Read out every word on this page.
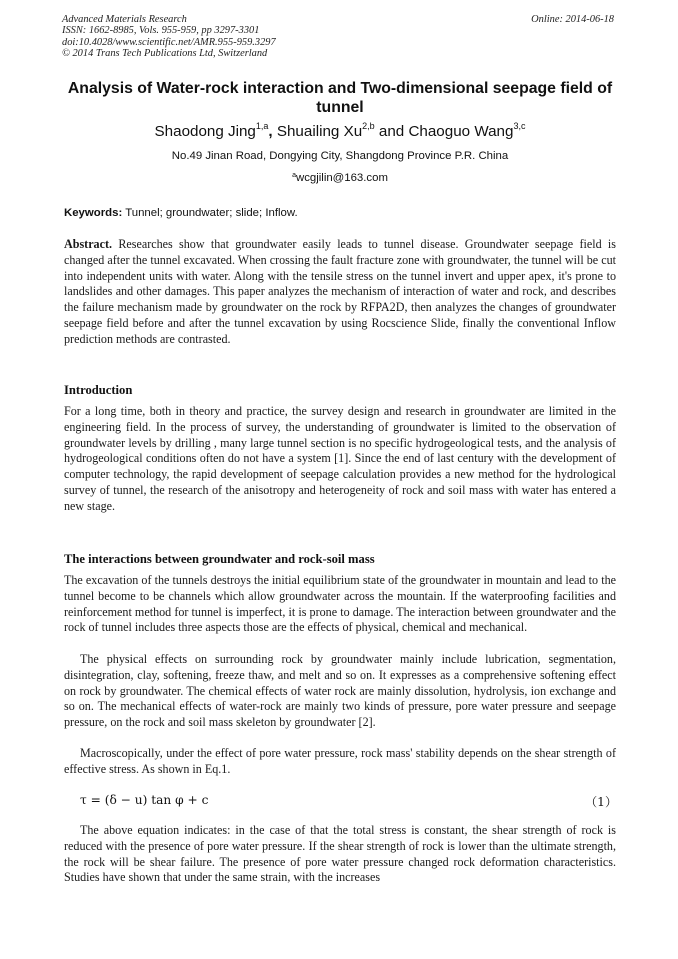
Advanced Materials Research
ISSN: 1662-8985, Vols. 955-959, pp 3297-3301
doi:10.4028/www.scientific.net/AMR.955-959.3297
© 2014 Trans Tech Publications Ltd, Switzerland
Online: 2014-06-18
Analysis of Water-rock interaction and Two-dimensional seepage field of tunnel
Shaodong Jing$^{1,a}$, Shuailing Xu$^{2,b}$ and Chaoguo Wang$^{3,c}$
No.49 Jinan Road, Dongying City, Shangdong Province P.R. China
$^a$wcgjilin@163.com
Keywords: Tunnel; groundwater; slide; Inflow.
Abstract. Researches show that groundwater easily leads to tunnel disease. Groundwater seepage field is changed after the tunnel excavated. When crossing the fault fracture zone with groundwater, the tunnel will be cut into independent units with water. Along with the tensile stress on the tunnel invert and upper apex, it's prone to landslides and other damages. This paper analyzes the mechanism of interaction of water and rock, and describes the failure mechanism made by groundwater on the rock by RFPA2D, then analyzes the changes of groundwater seepage field before and after the tunnel excavation by using Rocscience Slide, finally the conventional Inflow prediction methods are contrasted.
Introduction
For a long time, both in theory and practice, the survey design and research in groundwater are limited in the engineering field. In the process of survey, the understanding of groundwater is limited to the observation of groundwater levels by drilling , many large tunnel section is no specific hydrogeological tests, and the analysis of hydrogeological conditions often do not have a system [1]. Since the end of last century with the development of computer technology, the rapid development of seepage calculation provides a new method for the hydrological survey of tunnel, the research of the anisotropy and heterogeneity of rock and soil mass with water has entered a new stage.
The interactions between groundwater and rock-soil mass
The excavation of the tunnels destroys the initial equilibrium state of the groundwater in mountain and lead to the tunnel become to be channels which allow groundwater across the mountain. If the waterproofing facilities and reinforcement method for tunnel is imperfect, it is prone to damage. The interaction between groundwater and the rock of tunnel includes three aspects those are the effects of physical, chemical and mechanical.
The physical effects on surrounding rock by groundwater mainly include lubrication, segmentation, disintegration, clay, softening, freeze thaw, and melt and so on. It expresses as a comprehensive softening effect on rock by groundwater. The chemical effects of water rock are mainly dissolution, hydrolysis, ion exchange and so on. The mechanical effects of water-rock are mainly two kinds of pressure, pore water pressure and seepage pressure, on the rock and soil mass skeleton by groundwater [2].
Macroscopically, under the effect of pore water pressure, rock mass' stability depends on the shear strength of effective stress. As shown in Eq.1.
τ = (δ − u) tan φ + c	（1）
The above equation indicates: in the case of that the total stress is constant, the shear strength of rock is reduced with the presence of pore water pressure. If the shear strength of rock is lower than the ultimate strength, the rock will be shear failure. The presence of pore water pressure changed rock deformation characteristics. Studies have shown that under the same strain, with the increases
